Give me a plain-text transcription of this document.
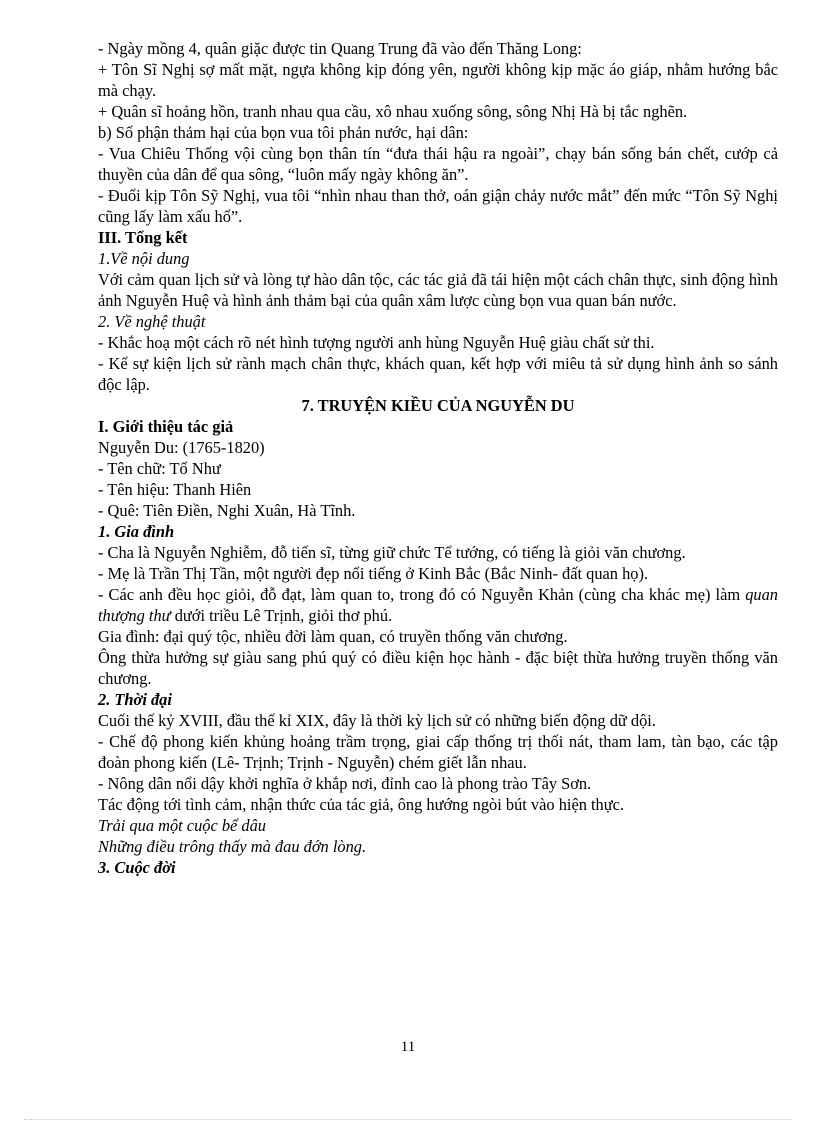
- Ngày mồng 4, quân giặc được tin Quang Trung đã vào đến Thăng Long:

+ Tôn Sĩ Nghị sợ mất mặt, ngựa không kịp đóng yên, người không kịp mặc áo giáp, nhằm hướng bắc mà chạy.

+ Quân sĩ hoảng hồn, tranh nhau qua cầu, xô nhau xuống sông, sông Nhị Hà bị tắc nghẽn.

b) Số phận thảm hại của bọn vua tôi phản nước, hại dân:

- Vua Chiêu Thống vội cùng bọn thân tín “đưa thái hậu ra ngoài”, chạy bán sống bán chết, cướp cả thuyền của dân để qua sông, “luôn mấy ngày không ăn”.

- Đuổi kịp Tôn Sỹ Nghị, vua tôi “nhìn nhau than thở, oán giận chảy nước mắt” đến mức “Tôn Sỹ Nghị cũng lấy làm xấu hổ”.

III. Tổng kết

1.Về nội dung

Với cảm quan lịch sử và lòng tự hào dân tộc, các tác giả đã tái hiện một cách chân thực, sinh động hình ảnh Nguyễn Huệ và hình ảnh thảm bại của quân xâm lược cùng bọn vua quan bán nước.

2. Về nghệ thuật

- Khắc hoạ một cách rõ nét hình tượng người anh hùng Nguyễn Huệ giàu chất sử thi.

- Kể sự kiện lịch sử rành mạch chân thực, khách quan, kết hợp với miêu tả sử dụng hình ảnh so sánh độc lập.

7. TRUYỆN KIỀU CỦA NGUYỄN DU

I. Giới thiệu tác giả

Nguyễn Du: (1765-1820)

- Tên chữ: Tố Như

- Tên hiệu: Thanh Hiên

- Quê: Tiên Điền, Nghi Xuân, Hà Tĩnh.

1. Gia đình

- Cha là Nguyễn Nghiễm, đỗ tiến sĩ, từng giữ chức Tể tướng, có tiếng là giỏi văn chương.

- Mẹ là Trần Thị Tần, một người đẹp nổi tiếng ở Kinh Bắc (Bắc Ninh- đất quan họ).

- Các anh đều học giỏi, đỗ đạt, làm quan to, trong đó có Nguyễn Khản (cùng cha khác mẹ) làm quan thượng thư dưới triều Lê Trịnh, giỏi thơ phú.

Gia đình: đại quý tộc, nhiều đời làm quan, có truyền thống văn chương.

Ông thừa hưởng sự giàu sang phú quý có điều kiện học hành - đặc biệt thừa hưởng truyền thống văn chương.

2. Thời đại

Cuối thế kỷ XVIII, đầu thế kỉ XIX, đây là thời kỳ lịch sử có những biến động dữ dội.

- Chế độ phong kiến khủng hoảng trầm trọng, giai cấp thống trị thối nát, tham lam, tàn bạo, các tập đoàn phong kiến (Lê- Trịnh; Trịnh - Nguyễn) chém giết lẫn nhau.

- Nông dân nổi dậy khởi nghĩa ở khắp nơi, đỉnh cao là phong trào Tây Sơn.

Tác động tới tình cảm, nhận thức của tác giả, ông hướng ngòi bút vào hiện thực.

Trải qua một cuộc bể dâu

Những điều trông thấy mà đau đớn lòng.

3. Cuộc đời

11
